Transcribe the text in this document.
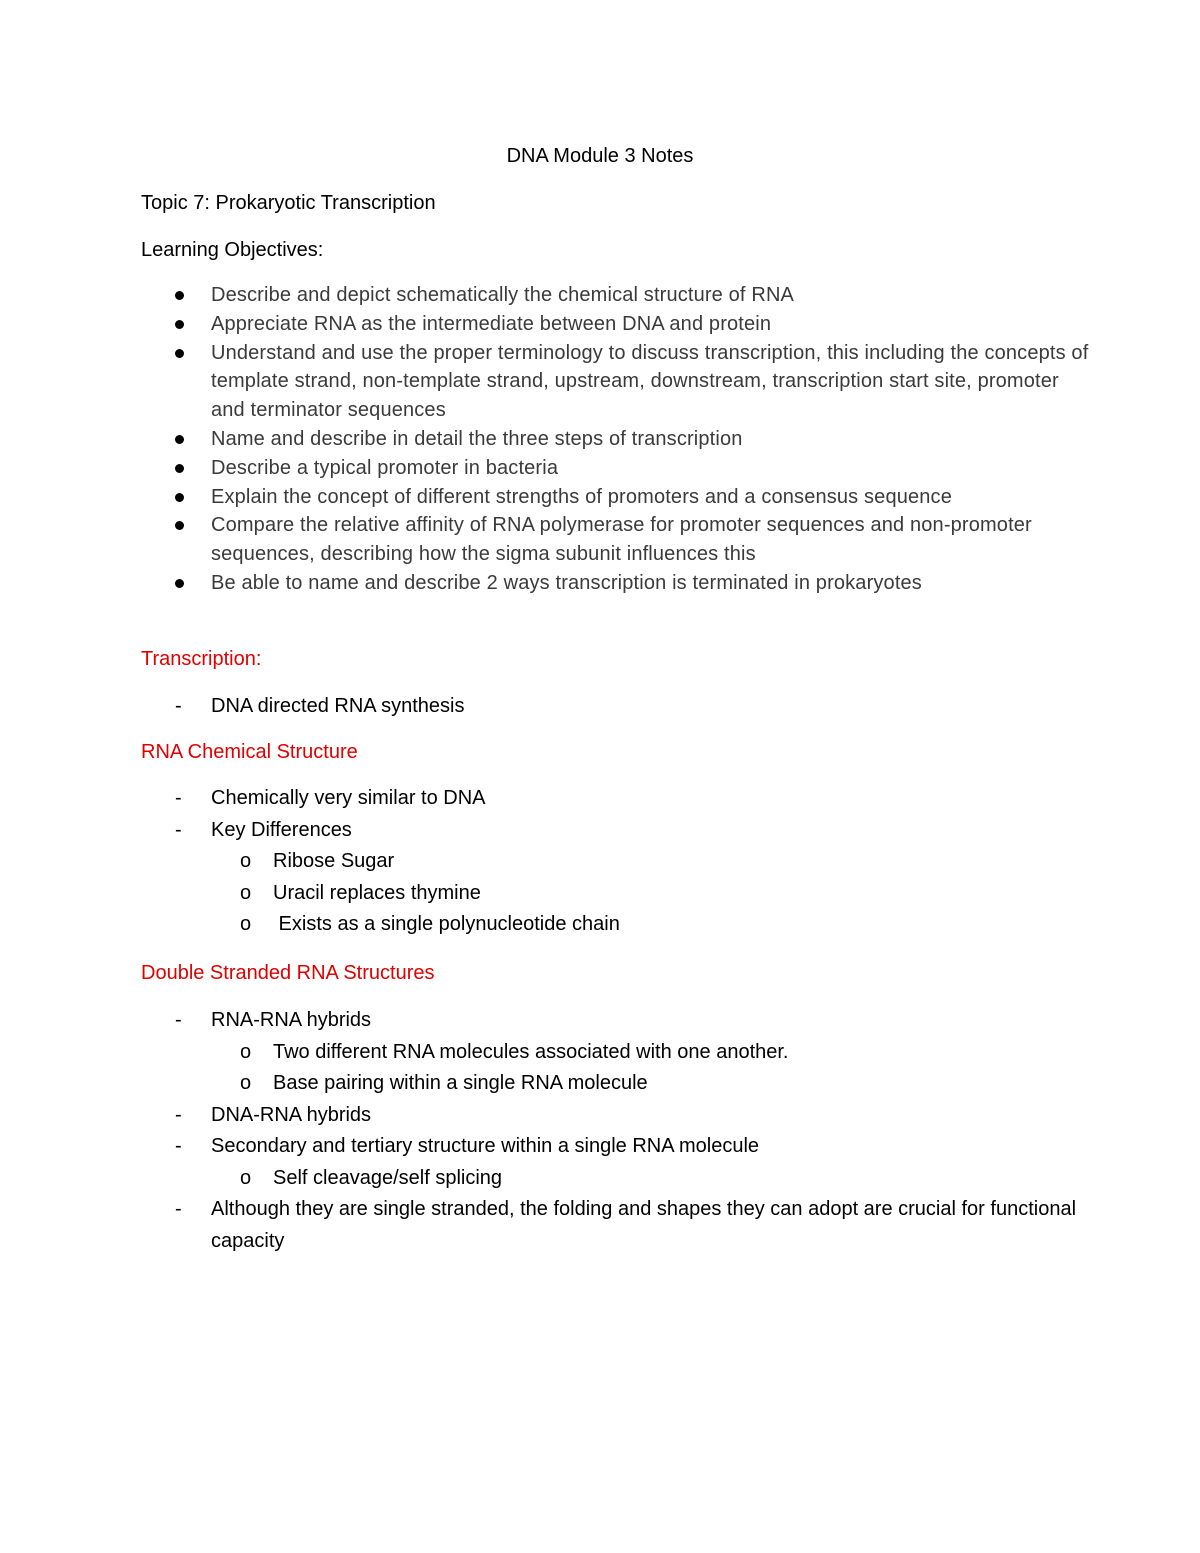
DNA Module 3 Notes
Topic 7: Prokaryotic Transcription
Learning Objectives:
Describe and depict schematically the chemical structure of RNA
Appreciate RNA as the intermediate between DNA and protein
Understand and use the proper terminology to discuss transcription, this including the concepts of template strand, non-template strand, upstream, downstream, transcription start site, promoter and terminator sequences
Name and describe in detail the three steps of transcription
Describe a typical promoter in bacteria
Explain the concept of different strengths of promoters and a consensus sequence
Compare the relative affinity of RNA polymerase for promoter sequences and non-promoter sequences, describing how the sigma subunit influences this
Be able to name and describe 2 ways transcription is terminated in prokaryotes
Transcription:
-	DNA directed RNA synthesis
RNA Chemical Structure
-	Chemically very similar to DNA
-	Key Differences
o	Ribose Sugar
o	Uracil replaces thymine
o	Exists as a single polynucleotide chain
Double Stranded RNA Structures
-	RNA-RNA hybrids
o	Two different RNA molecules associated with one another.
o	Base pairing within a single RNA molecule
-	DNA-RNA hybrids
-	Secondary and tertiary structure within a single RNA molecule
o	Self cleavage/self splicing
-	Although they are single stranded, the folding and shapes they can adopt are crucial for functional capacity
